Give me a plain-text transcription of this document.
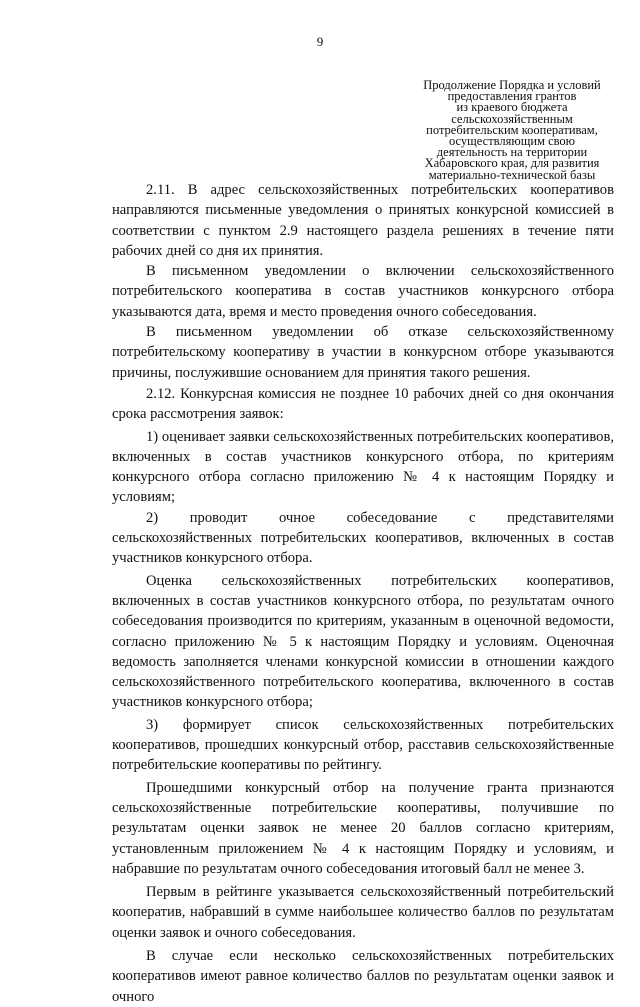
9
Продолжение Порядка и условий
предоставления грантов
из краевого бюджета
сельскохозяйственным
потребительским кооперативам,
осуществляющим свою
деятельность на территории
Хабаровского края, для развития
материально-технической базы

2.11. В адрес сельскохозяйственных потребительских кооперативов направляются письменные уведомления о принятых конкурсной комиссией в соответствии с пунктом 2.9 настоящего раздела решениях в течение пяти рабочих дней со дня их принятия.

В письменном уведомлении о включении сельскохозяйственного потребительского кооператива в состав участников конкурсного отбора указываются дата, время и место проведения очного собеседования.

В письменном уведомлении об отказе сельскохозяйственному потребительскому кооперативу в участии в конкурсном отборе указываются причины, послужившие основанием для принятия такого решения.

2.12. Конкурсная комиссия не позднее 10 рабочих дней со дня окончания срока рассмотрения заявок:

1) оценивает заявки сельскохозяйственных потребительских кооперативов, включенных в состав участников конкурсного отбора, по критериям конкурсного отбора согласно приложению № 4 к настоящим Порядку и условиям;

2) проводит очное собеседование с представителями сельскохозяйственных потребительских кооперативов, включенных в состав участников конкурсного отбора.

Оценка сельскохозяйственных потребительских кооперативов, включенных в состав участников конкурсного отбора, по результатам очного собеседования производится по критериям, указанным в оценочной ведомости, согласно приложению № 5 к настоящим Порядку и условиям. Оценочная ведомость заполняется членами конкурсной комиссии в отношении каждого сельскохозяйственного потребительского кооператива, включенного в состав участников конкурсного отбора;

3) формирует список сельскохозяйственных потребительских кооперативов, прошедших конкурсный отбор, расставив сельскохозяйственные потребительские кооперативы по рейтингу.

Прошедшими конкурсный отбор на получение гранта признаются сельскохозяйственные потребительские кооперативы, получившие по результатам оценки заявок не менее 20 баллов согласно критериям, установленным приложением № 4 к настоящим Порядку и условиям, и набравшие по результатам очного собеседования итоговый балл не менее 3.

Первым в рейтинге указывается сельскохозяйственный потребительский кооператив, набравший в сумме наибольшее количество баллов по результатам оценки заявок и очного собеседования.

В случае если несколько сельскохозяйственных потребительских кооперативов имеют равное количество баллов по результатам оценки заявок и очного
